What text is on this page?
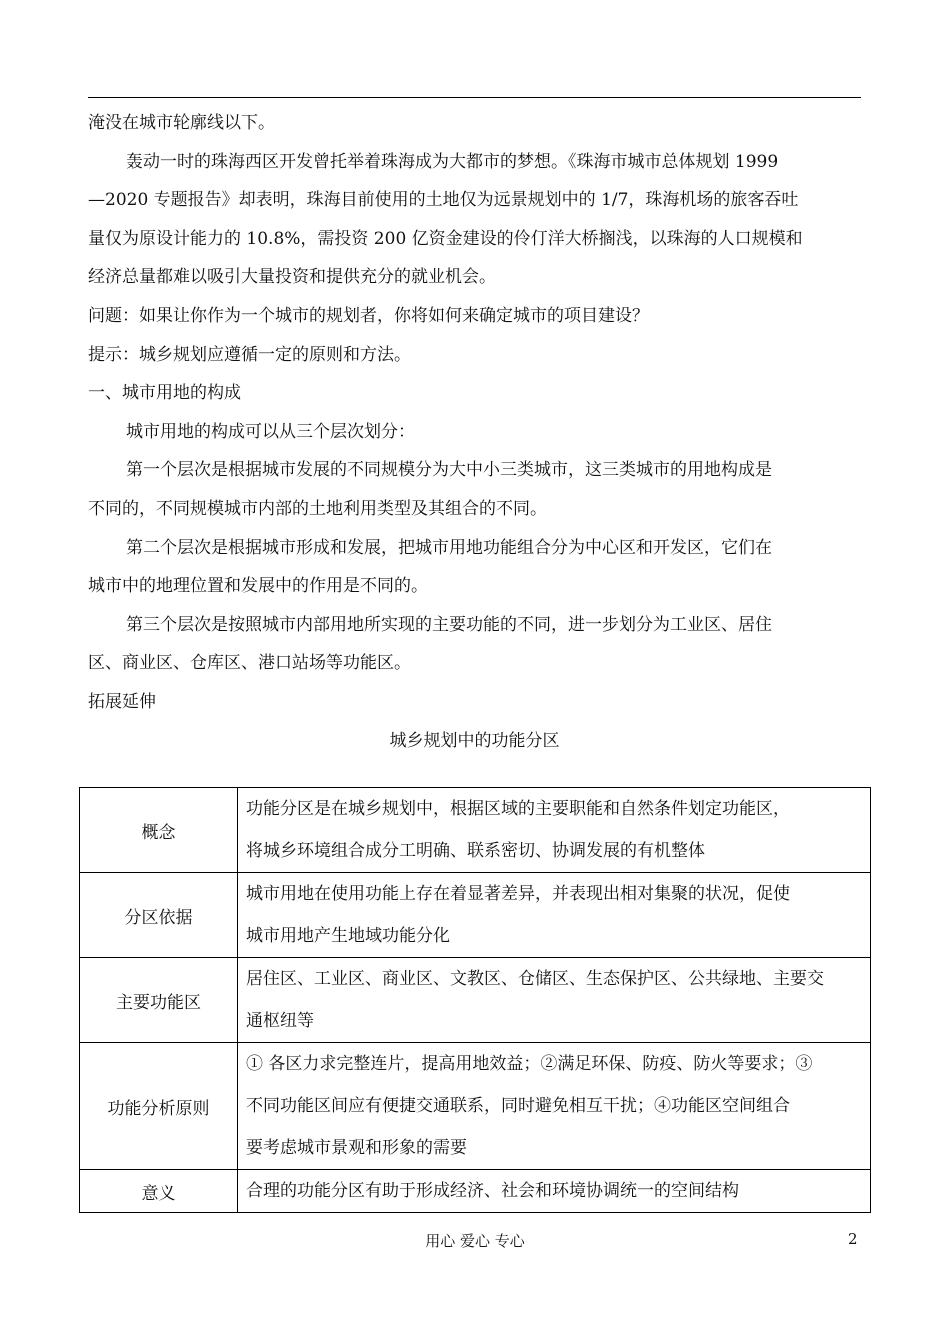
淹没在城市轮廓线以下。
轰动一时的珠海西区开发曾托举着珠海成为大都市的梦想。《珠海市城市总体规划 1999
—2020 专题报告》却表明，珠海目前使用的土地仅为远景规划中的 1/7，珠海机场的旅客吞吐
量仅为原设计能力的 10.8%，需投资 200 亿资金建设的伶仃洋大桥搁浅，以珠海的人口规模和
经济总量都难以吸引大量投资和提供充分的就业机会。
问题：如果让你作为一个城市的规划者，你将如何来确定城市的项目建设？
提示：城乡规划应遵循一定的原则和方法。
一、城市用地的构成
城市用地的构成可以从三个层次划分：
第一个层次是根据城市发展的不同规模分为大中小三类城市，这三类城市的用地构成是
不同的，不同规模城市内部的土地利用类型及其组合的不同。
第二个层次是根据城市形成和发展，把城市用地功能组合分为中心区和开发区，它们在
城市中的地理位置和发展中的作用是不同的。
第三个层次是按照城市内部用地所实现的主要功能的不同，进一步划分为工业区、居住
区、商业区、仓库区、港口站场等功能区。
拓展延伸
城乡规划中的功能分区
概念	功能分区是在城乡规划中，根据区域的主要职能和自然条件划定功能区，
将城乡环境组合成分工明确、联系密切、协调发展的有机整体

分区依据	城市用地在使用功能上存在着显著差异，并表现出相对集聚的状况，促使
城市用地产生地域功能分化

主要功能区	居住区、工业区、商业区、文教区、仓储区、生态保护区、公共绿地、主要交
通枢纽等

功能分析原则	① 各区力求完整连片，提高用地效益；②满足环保、防疫、防火等要求；③
不同功能区间应有便捷交通联系，同时避免相互干扰；④功能区空间组合
要考虑城市景观和形象的需要

意义	合理的功能分区有助于形成经济、社会和环境协调统一的空间结构
用心 爱心 专心	2
